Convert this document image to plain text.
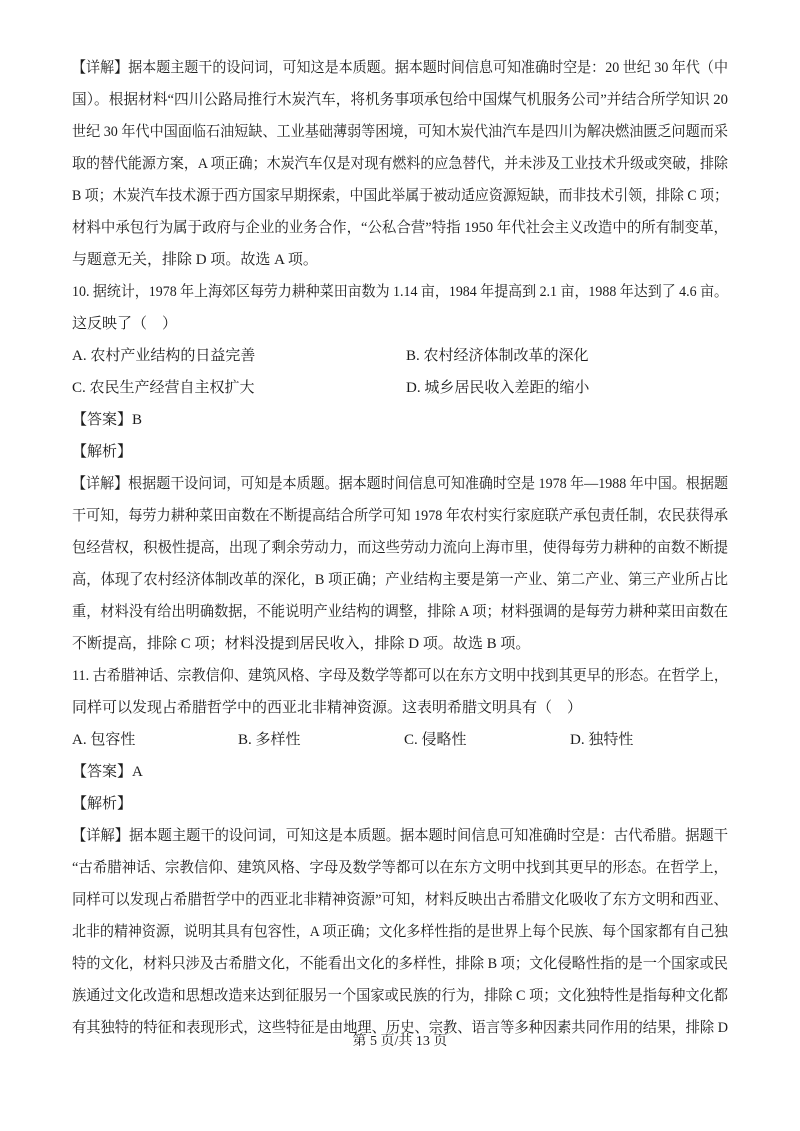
【详解】据本题主题干的设问词，可知这是本质题。据本题时间信息可知准确时空是：20 世纪 30 年代（中
国）。根据材料“四川公路局推行木炭汽车，将机务事项承包给中国煤气机服务公司”并结合所学知识 20
世纪 30 年代中国面临石油短缺、工业基础薄弱等困境，可知木炭代油汽车是四川为解决燃油匮乏问题而采
取的替代能源方案，A 项正确；木炭汽车仅是对现有燃料的应急替代，并未涉及工业技术升级或突破，排除
B 项；木炭汽车技术源于西方国家早期探索，中国此举属于被动适应资源短缺，而非技术引领，排除 C 项；
材料中承包行为属于政府与企业的业务合作，“公私合营”特指 1950 年代社会主义改造中的所有制变革，
与题意无关，排除 D 项。故选 A 项。
10. 据统计，1978 年上海郊区每劳力耕种菜田亩数为 1.14 亩，1984 年提高到 2.1 亩，1988 年达到了 4.6 亩。
这反映了（　）
A. 农村产业结构的日益完善	B. 农村经济体制改革的深化
C. 农民生产经营自主权扩大	D. 城乡居民收入差距的缩小
【答案】B
【解析】
【详解】根据题干设问词，可知是本质题。据本题时间信息可知准确时空是 1978 年—1988 年中国。根据题
干可知，每劳力耕种菜田亩数在不断提高结合所学可知 1978 年农村实行家庭联产承包责任制，农民获得承
包经营权，积极性提高，出现了剩余劳动力，而这些劳动力流向上海市里，使得每劳力耕种的亩数不断提
高，体现了农村经济体制改革的深化，B 项正确；产业结构主要是第一产业、第二产业、第三产业所占比
重，材料没有给出明确数据，不能说明产业结构的调整，排除 A 项；材料强调的是每劳力耕种菜田亩数在
不断提高，排除 C 项；材料没提到居民收入，排除 D 项。故选 B 项。
11. 古希腊神话、宗教信仰、建筑风格、字母及数学等都可以在东方文明中找到其更早的形态。在哲学上，
同样可以发现占希腊哲学中的西亚北非精神资源。这表明希腊文明具有（　）
A. 包容性	B. 多样性	C. 侵略性	D. 独特性
【答案】A
【解析】
【详解】据本题主题干的设问词，可知这是本质题。据本题时间信息可知准确时空是：古代希腊。据题干
“古希腊神话、宗教信仰、建筑风格、字母及数学等都可以在东方文明中找到其更早的形态。在哲学上，
同样可以发现占希腊哲学中的西亚北非精神资源”可知，材料反映出古希腊文化吸收了东方文明和西亚、
北非的精神资源，说明其具有包容性，A 项正确；文化多样性指的是世界上每个民族、每个国家都有自己独
特的文化，材料只涉及古希腊文化，不能看出文化的多样性，排除 B 项；文化侵略性指的是一个国家或民
族通过文化改造和思想改造来达到征服另一个国家或民族的行为，排除 C 项；文化独特性是指每种文化都
有其独特的特征和表现形式，这些特征是由地理、历史、宗教、语言等多种因素共同作用的结果，排除 D
第 5 页/共 13 页
